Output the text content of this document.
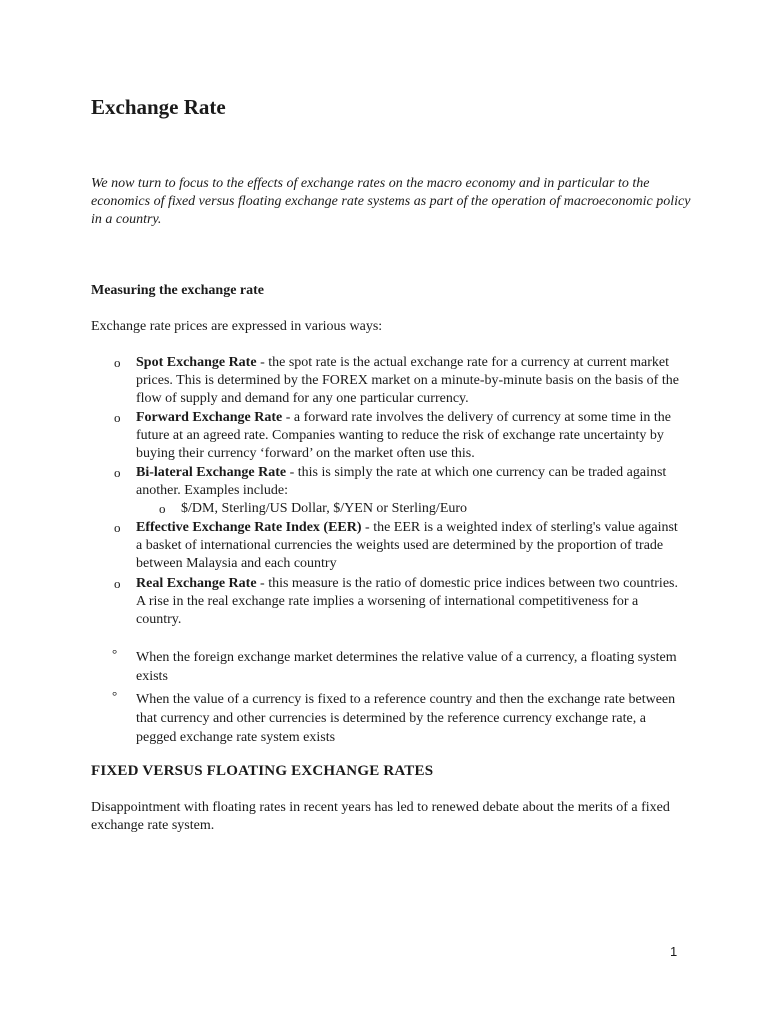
Exchange Rate

We now turn to focus to the effects of exchange rates on the macro economy and in particular to the economics of fixed versus floating exchange rate systems as part of the operation of macroeconomic policy in a country.

Measuring the exchange rate

Exchange rate prices are expressed in various ways:

o Spot Exchange Rate - the spot rate is the actual exchange rate for a currency at current market prices. This is determined by the FOREX market on a minute-by-minute basis on the basis of the flow of supply and demand for any one particular currency.
o Forward Exchange Rate - a forward rate involves the delivery of currency at some time in the future at an agreed rate. Companies wanting to reduce the risk of exchange rate uncertainty by buying their currency ‘forward’ on the market often use this.
o Bi-lateral Exchange Rate - this is simply the rate at which one currency can be traded against another. Examples include:
o $/DM, Sterling/US Dollar, $/YEN or Sterling/Euro
o Effective Exchange Rate Index (EER) - the EER is a weighted index of sterling's value against a basket of international currencies the weights used are determined by the proportion of trade between Malaysia and each country
o Real Exchange Rate - this measure is the ratio of domestic price indices between two countries. A rise in the real exchange rate implies a worsening of international competitiveness for a country.
° When the foreign exchange market determines the relative value of a currency, a floating system exists
° When the value of a currency is fixed to a reference country and then the exchange rate between that currency and other currencies is determined by the reference currency exchange rate, a pegged exchange rate system exists
FIXED VERSUS FLOATING EXCHANGE RATES

Disappointment with floating rates in recent years has led to renewed debate about the merits of a fixed exchange rate system.

1
